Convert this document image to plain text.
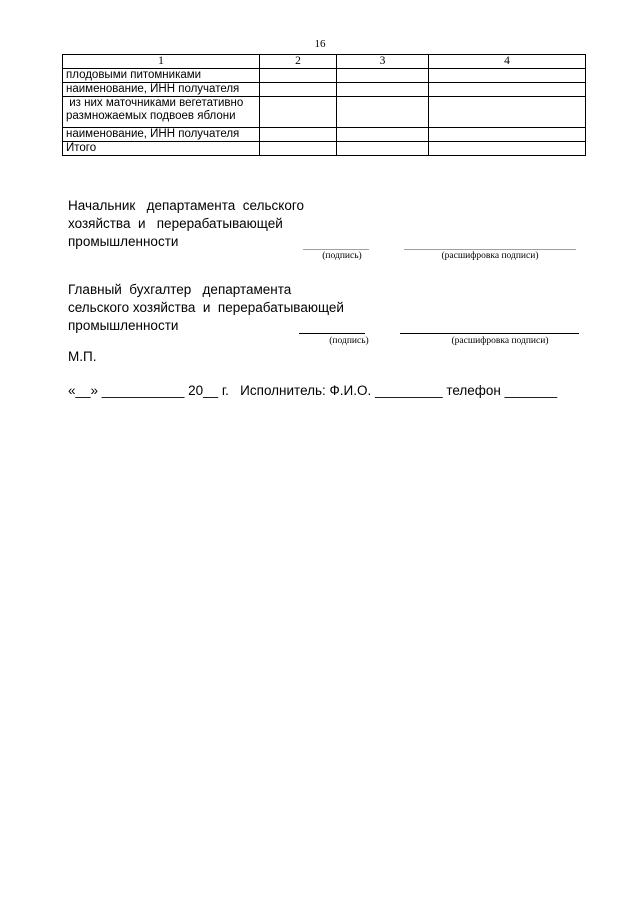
16
1	2	3	4
плодовыми питомниками			
наименование, ИНН получателя			
из них маточниками вегетативно размножаемых подвоев яблони			
наименование, ИНН получателя			
Итого			
Начальник   департамента  сельского
хозяйства  и   перерабатывающей
промышленности
(подпись)	(расшифровка подписи)
Главный  бухгалтер   департамента
сельского хозяйства  и  перерабатывающей
промышленности
(подпись)	(расшифровка подписи)
М.П.
«__» ___________ 20__ г.   Исполнитель: Ф.И.О. _________ телефон _______
